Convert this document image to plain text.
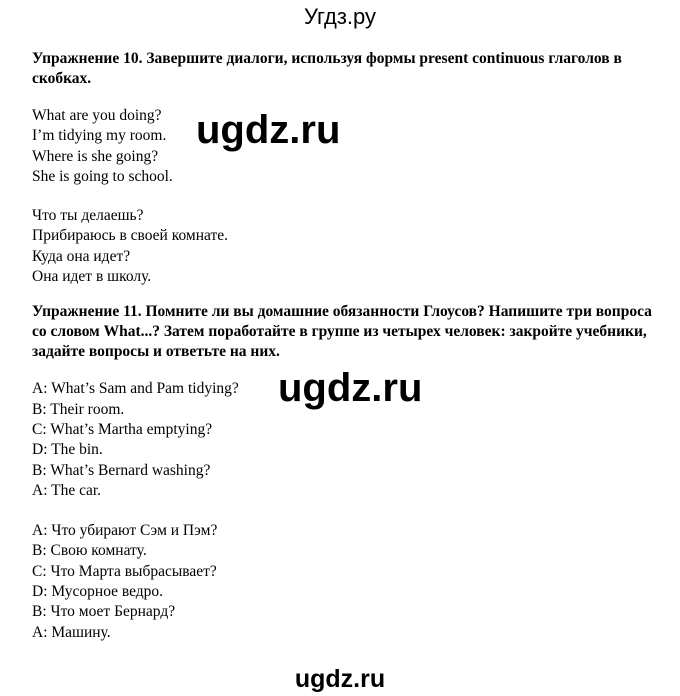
Угдз.ру

Упражнение 10. Завершите диалоги, используя формы present continuous глаголов в скобках.

What are you doing?
I’m tidying my room.
Where is she going?
She is going to school.
Что ты делаешь?
Прибираюсь в своей комнате.
Куда она идет?
Она идет в школу.

Упражнение 11. Помните ли вы домашние обязанности Глоусов? Напишите три вопроса со словом What...? Затем поработайте в группе из четырех человек: закройте учебники, задайте вопросы и ответьте на них.

A: What’s Sam and Pam tidying?
B: Their room.
C: What’s Martha emptying?
D: The bin.
B: What’s Bernard washing?
A: The car.
A: Что убирают Сэм и Пэм?
B: Свою комнату.
C: Что Марта выбрасывает?
D: Мусорное ведро.
B: Что моет Бернард?
A: Машину.
ugdz.ru
ugdz.ru
ugdz.ru
